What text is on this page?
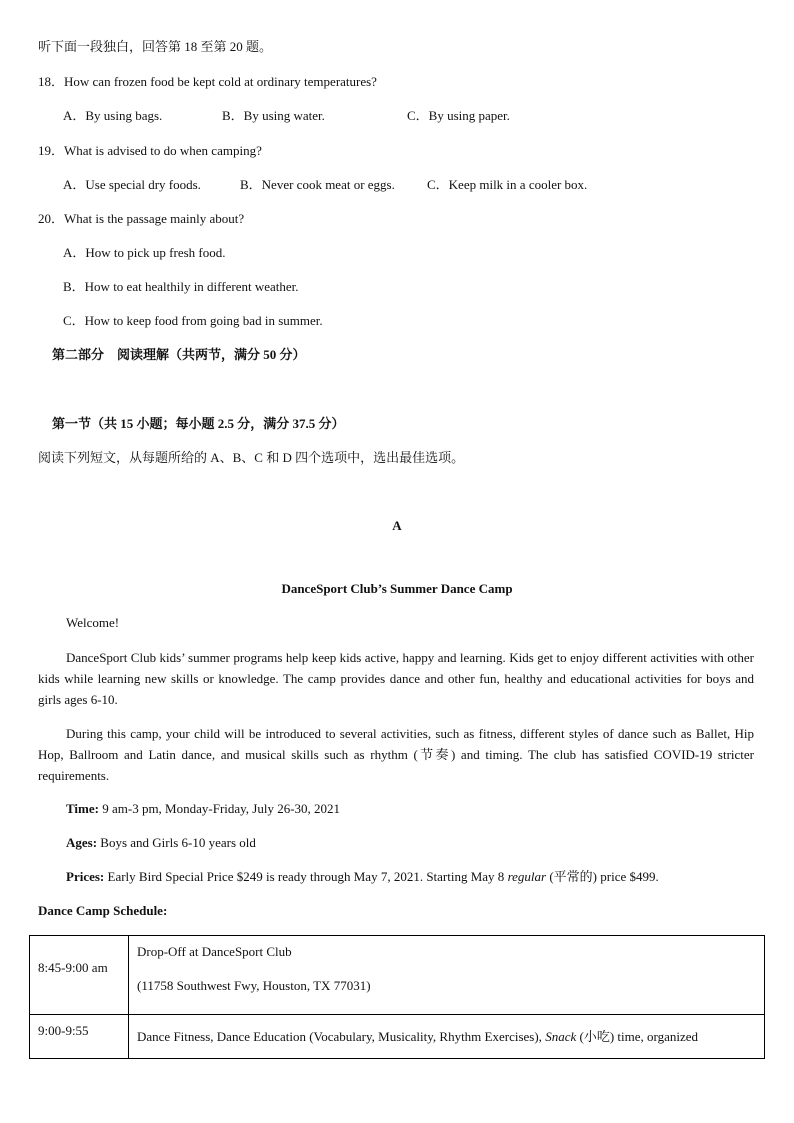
听下面一段独白，回答第 18 至第 20 题。
18．How can frozen food be kept cold at ordinary temperatures?
A．By using bags.	B．By using water.	C．By using paper.
19．What is advised to do when camping?
A．Use special dry foods.	B．Never cook meat or eggs. C．Keep milk in a cooler box.
20．What is the passage mainly about?
A．How to pick up fresh food.
B．How to eat healthily in different weather.
C．How to keep food from going bad in summer.
第二部分　阅读理解（共两节，满分 50 分）
第一节（共 15 小题；每小题 2.5 分，满分 37.5 分）
阅读下列短文，从每题所给的 A、B、C 和 D 四个选项中，选出最佳选项。
A
DanceSport Club’s Summer Dance Camp
Welcome!
DanceSport Club kids’ summer programs help keep kids active, happy and learning. Kids get to enjoy different activities with other kids while learning new skills or knowledge. The camp provides dance and other fun, healthy and educational activities for boys and girls ages 6-10.
During this camp, your child will be introduced to several activities, such as fitness, different styles of dance such as Ballet, Hip Hop, Ballroom and Latin dance, and musical skills such as rhythm (节奏) and timing. The club has satisfied COVID-19 stricter requirements.
Time: 9 am-3 pm, Monday-Friday, July 26-30, 2021
Ages: Boys and Girls 6-10 years old
Prices: Early Bird Special Price $249 is ready through May 7, 2021. Starting May 8 regular (平常的) price $499.
Dance Camp Schedule:
8:45-9:00 am	Drop-Off at DanceSport Club
(11758 Southwest Fwy, Houston, TX 77031)

9:00-9:55	Dance Fitness, Dance Education (Vocabulary, Musicality, Rhythm Exercises), Snack (小吃) time, organized
